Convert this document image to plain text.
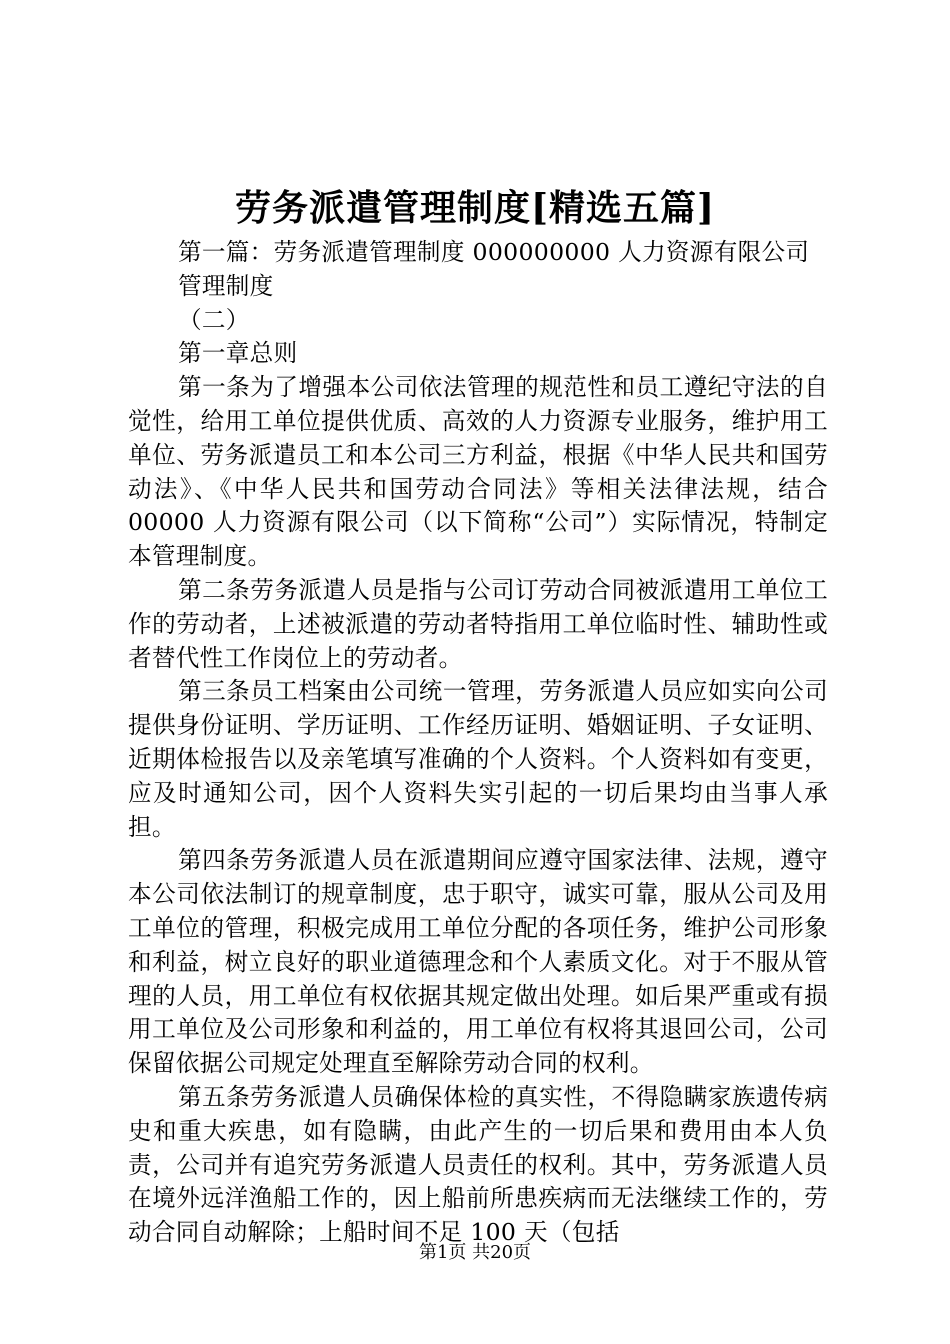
劳务派遣管理制度[精选五篇]

第一篇：劳务派遣管理制度 000000000 人力资源有限公司

管理制度

（二）

第一章总则

第一条为了增强本公司依法管理的规范性和员工遵纪守法的自觉性，给用工单位提供优质、高效的人力资源专业服务，维护用工单位、劳务派遣员工和本公司三方利益，根据《中华人民共和国劳动法》、《中华人民共和国劳动合同法》等相关法律法规，结合 00000 人力资源有限公司（以下简称“公司”）实际情况，特制定本管理制度。

第二条劳务派遣人员是指与公司订劳动合同被派遣用工单位工作的劳动者，上述被派遣的劳动者特指用工单位临时性、辅助性或者替代性工作岗位上的劳动者。

第三条员工档案由公司统一管理，劳务派遣人员应如实向公司提供身份证明、学历证明、工作经历证明、婚姻证明、子女证明、近期体检报告以及亲笔填写准确的个人资料。个人资料如有变更，应及时通知公司，因个人资料失实引起的一切后果均由当事人承担。

第四条劳务派遣人员在派遣期间应遵守国家法律、法规，遵守本公司依法制订的规章制度，忠于职守，诚实可靠，服从公司及用工单位的管理，积极完成用工单位分配的各项任务，维护公司形象和利益，树立良好的职业道德理念和个人素质文化。对于不服从管理的人员，用工单位有权依据其规定做出处理。如后果严重或有损用工单位及公司形象和利益的，用工单位有权将其退回公司，公司保留依据公司规定处理直至解除劳动合同的权利。

第五条劳务派遣人员确保体检的真实性，不得隐瞒家族遗传病史和重大疾患，如有隐瞒，由此产生的一切后果和费用由本人负责，公司并有追究劳务派遣人员责任的权利。其中，劳务派遣人员在境外远洋渔船工作的，因上船前所患疾病而无法继续工作的，劳动合同自动解除；上船时间不足 100 天（包括

第1页 共20页
